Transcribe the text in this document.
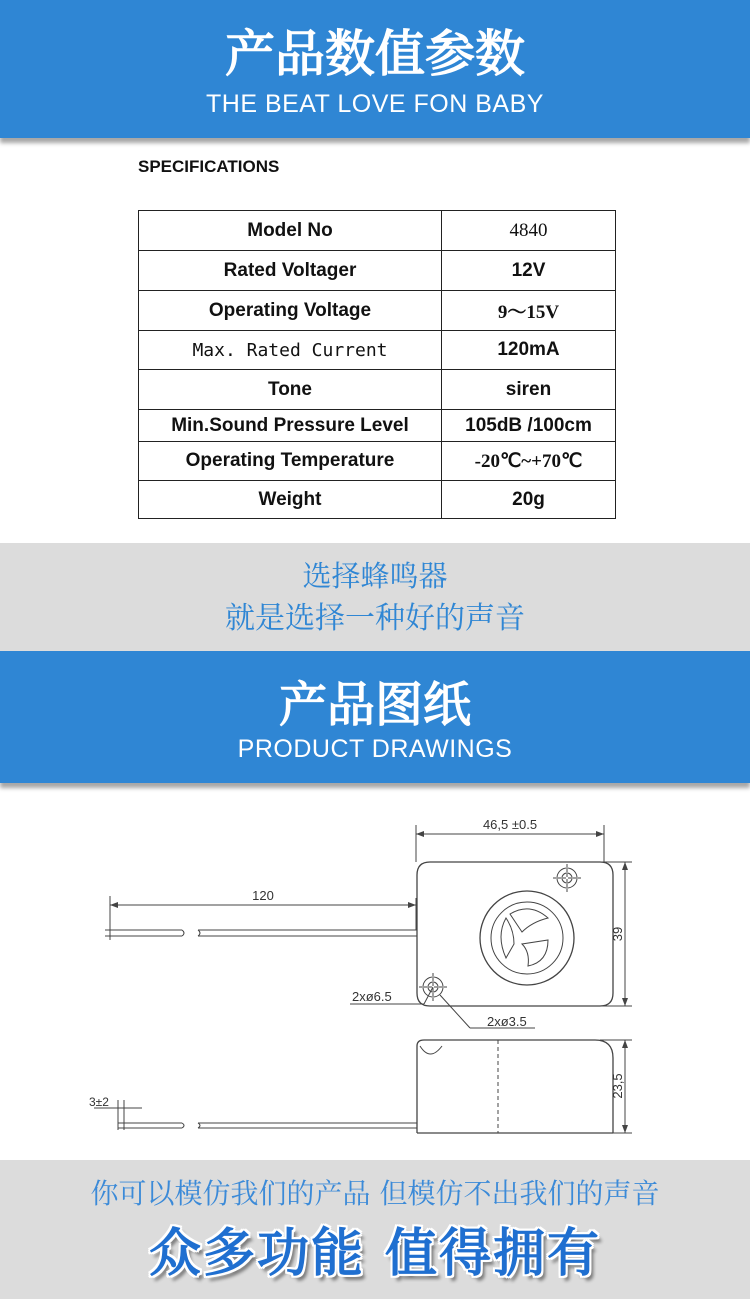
产品数值参数
THE BEAT LOVE FON BABY
SPECIFICATIONS
Model No	4840
Rated Voltager	12V
Operating Voltage	9～15V
Max. Rated Current	120mA
Tone	siren
Min.Sound Pressure Level	105dB /100cm
Operating Temperature	-20℃~+70℃
Weight	20g
选择蜂鸣器
就是选择一种好的声音
产品图纸
PRODUCT DRAWINGS
46,5 ±0.5
120
39
2xø6.5
2xø3.5
23,5
3±2
你可以模仿我们的产品 但模仿不出我们的声音
众多功能 值得拥有
